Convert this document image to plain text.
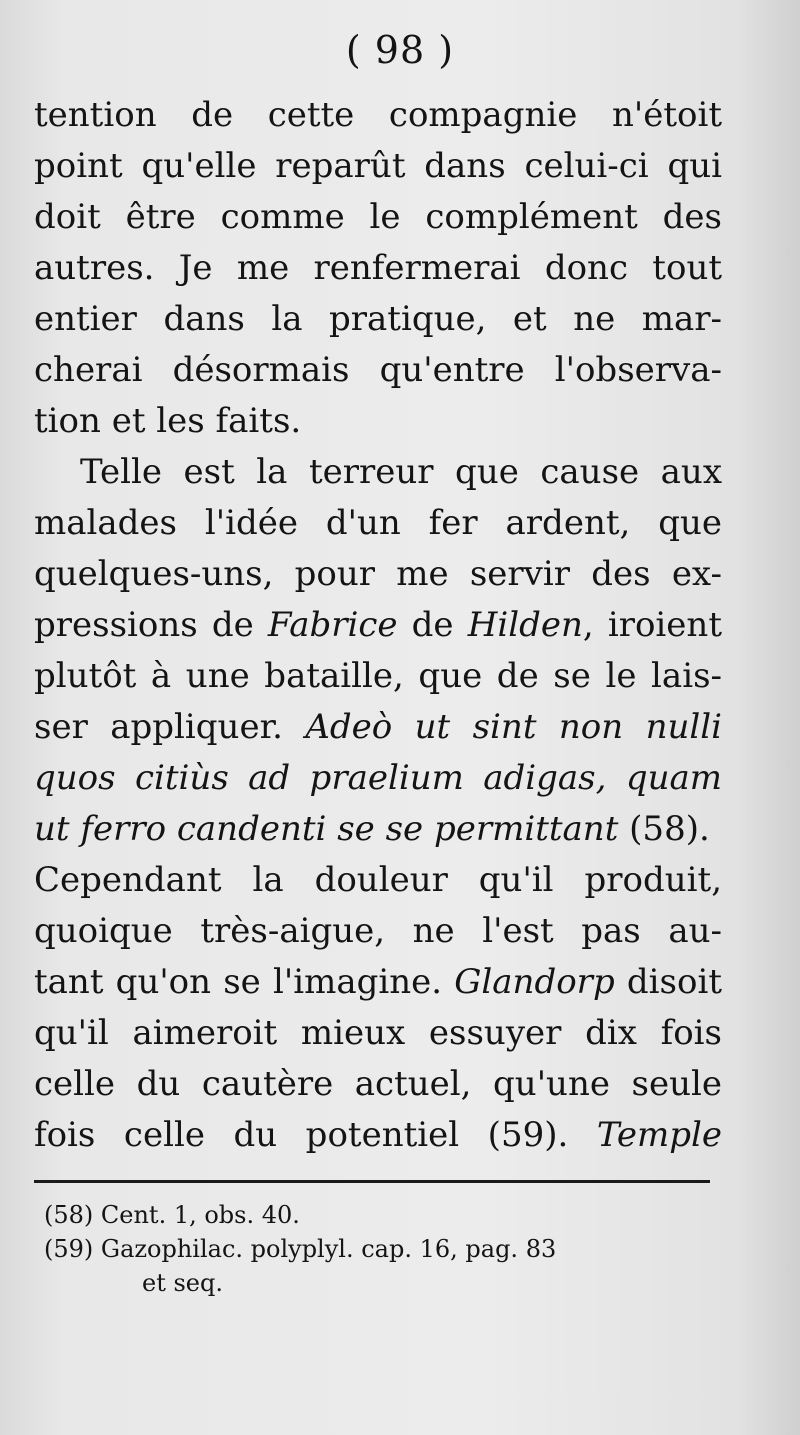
( 98 )
tention de cette compagnie n'étoit
point qu'elle reparût dans celui-ci qui
doit être comme le complément des
autres. Je me renfermerai donc tout
entier dans la pratique, et ne mar-
cherai désormais qu'entre l'observa-
tion et les faits.
Telle est la terreur que cause aux
malades l'idée d'un fer ardent, que
quelques-uns, pour me servir des ex-
pressions de Fabrice de Hilden, iroient
plutôt à une bataille, que de se le lais-
ser appliquer. Adeò ut sint non nulli
quos citiùs ad praelium adigas, quam
ut ferro candenti se se permittant (58).
Cependant la douleur qu'il produit,
quoique très-aigue, ne l'est pas au-
tant qu'on se l'imagine. Glandorp disoit
qu'il aimeroit mieux essuyer dix fois
celle du cautère actuel, qu'une seule
fois celle du potentiel (59). Temple
(58) Cent. 1, obs. 40.
(59) Gazophilac. polyplyl. cap. 16, pag. 83
et seq.
